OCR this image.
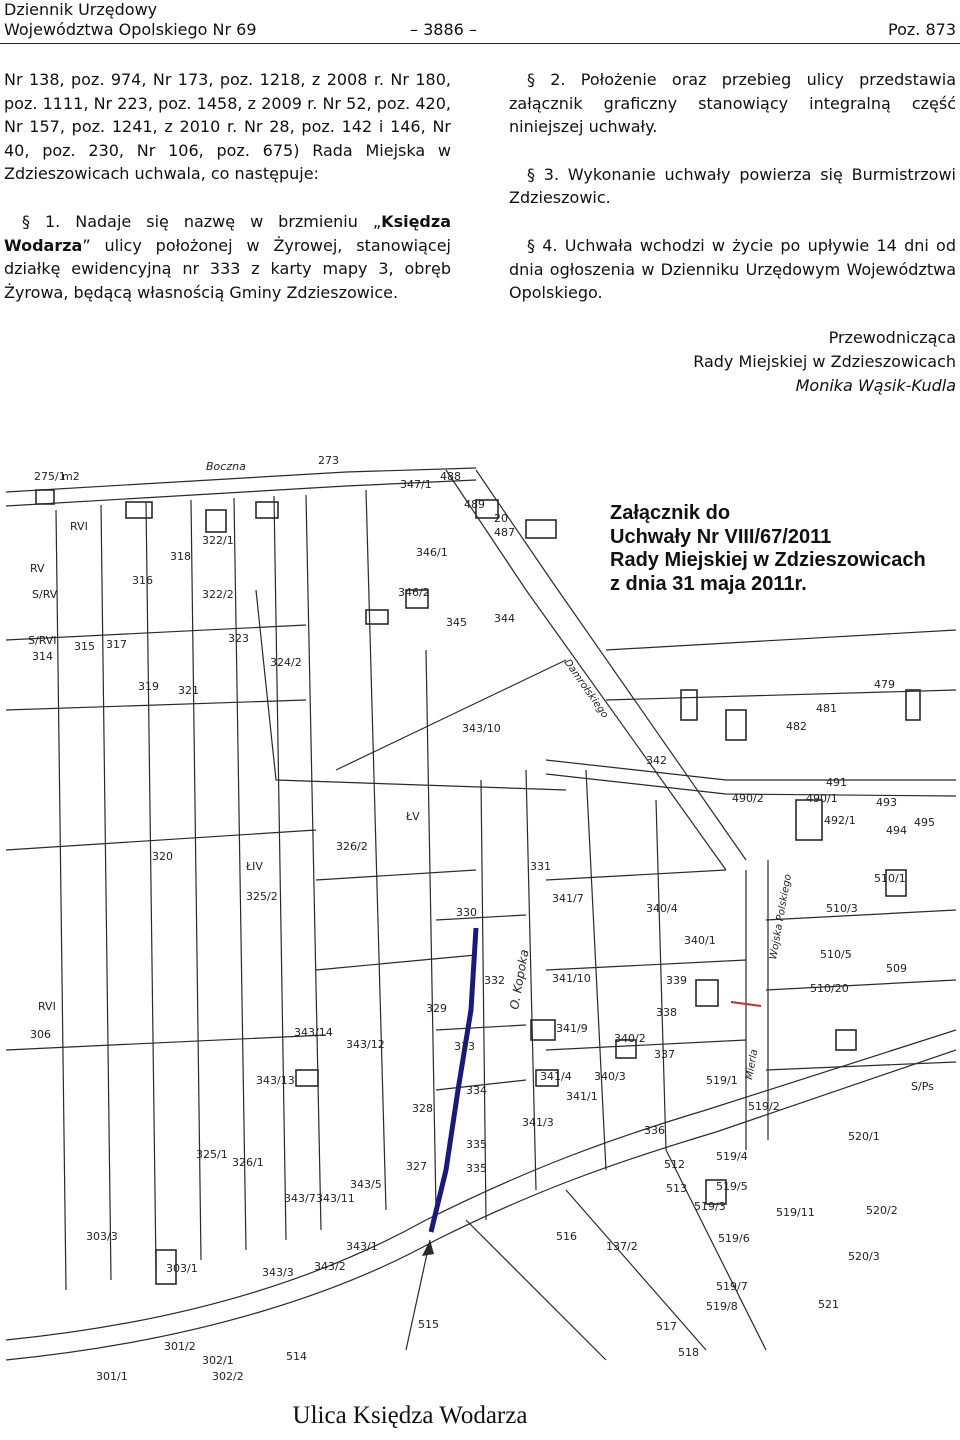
Dziennik Urzędowy
Województwa Opolskiego Nr 69	– 3886 –	Poz. 873

Nr 138, poz. 974, Nr 173, poz. 1218, z 2008 r. Nr 180, poz. 1111, Nr 223, poz. 1458, z 2009 r. Nr 52, poz. 420, Nr 157, poz. 1241, z 2010 r. Nr 28, poz. 142 i 146, Nr 40, poz. 230, Nr 106, poz. 675) Rada Miejska w Zdzieszowicach uchwala, co następuje:

§ 1. Nadaje się nazwę w brzmieniu „Księdza Wodarza” ulicy położonej w Żyrowej, stanowiącej działkę ewidencyjną nr 333 z karty mapy 3, obręb Żyrowa, będącą własnością Gminy Zdzieszowice.

§ 2. Położenie oraz przebieg ulicy przedstawia załącznik graficzny stanowiący integralną część niniejszej uchwały.

§ 3. Wykonanie uchwały powierza się Burmistrzowi Zdzieszowic.

§ 4. Uchwała wchodzi w życie po upływie 14 dni od dnia ogłoszenia w Dzienniku Urzędowym Województwa Opolskiego.

Przewodnicząca
Rady Miejskiej w Zdzieszowicach
Monika Wąsik-Kudla
Boczna
Damrołskiego
O. Kopoka
Wojska Polskiego
Mierla
273
275/1
m2
RVI
RV
S/RV
S/RVI 315
314
317
318
316
319 321
320
RVI
306
322/1
322/2
323
324/2
326/2
325/2
ŁIV
ŁV
347/1
488
489
20
487
346/1
346/2
345 344
343/10
343/12
343/13
343/14
343/11
343/5
343/1
343/2
343/3
343/7
330
329
328
327
333
331
332
334
335
341/7
341/10
341/9
341/4
341/3
341/1
340/1
340/2
340/3
340/4
339
338
337
336
335
342
481
482
479
490/1
490/2
491
492/1
493
494
495
510/1
510/3
510/5
510/20
509
512
513
514
515
516
517
518
519/1
519/2
519/3
519/4
519/5
519/6
519/7
519/8
519/11
520/1
520/2
520/3
521
301/1
301/2
302/1
302/2
303/3
303/1
325/1
326/1
137/2
S/Ps
Załącznik do
Uchwały Nr VIII/67/2011
Rady Miejskiej w Zdzieszowicach
z dnia 31 maja 2011r.
Ulica Księdza Wodarza
